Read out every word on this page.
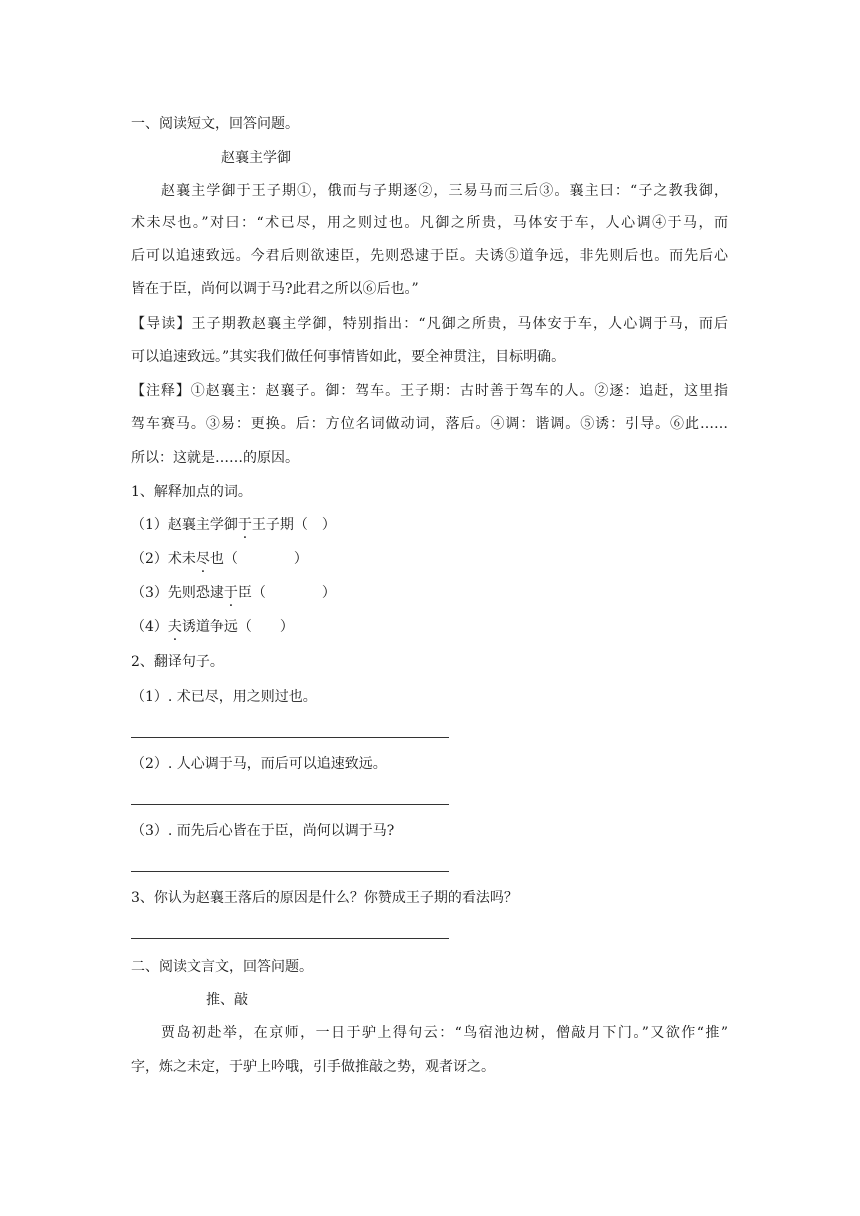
一、阅读短文，回答问题。
赵襄主学御
赵襄主学御于王子期①，俄而与子期逐②，三易马而三后③。襄主曰：“子之教我御，
术未尽也。”对曰：“术已尽，用之则过也。凡御之所贵，马体安于车，人心调④于马，而
后可以追速致远。今君后则欲速臣，先则恐逮于臣。夫诱⑤道争远，非先则后也。而先后心
皆在于臣，尚何以调于马?此君之所以⑥后也。”
【导读】王子期教赵襄主学御，特别指出：“凡御之所贵，马体安于车，人心调于马，而后
可以追速致远。”其实我们做任何事情皆如此，要全神贯注，目标明确。
【注释】①赵襄主：赵襄子。御：驾车。王子期：古时善于驾车的人。②逐：追赶，这里指
驾车赛马。③易：更换。后：方位名词做动词，落后。④调：谐调。⑤诱：引导。⑥此……
所以：这就是……的原因。
1、解释加点的词。
（1）赵襄主学御于王子期（ ）
（2）术未尽也（	）
（3）先则恐逮于臣（	）
（4）夫诱道争远（ ）
2、翻译句子。
（1）. 术已尽，用之则过也。
（2）. 人心调于马，而后可以追速致远。
（3）. 而先后心皆在于臣，尚何以调于马?
3、你认为赵襄王落后的原因是什么？你赞成王子期的看法吗？
二、阅读文言文，回答问题。
推、敲
贾岛初赴举，在京师，一日于驴上得句云：“鸟宿池边树，僧敲月下门。”又欲作“推”
字，炼之未定，于驴上吟哦，引手做推敲之势，观者讶之。
